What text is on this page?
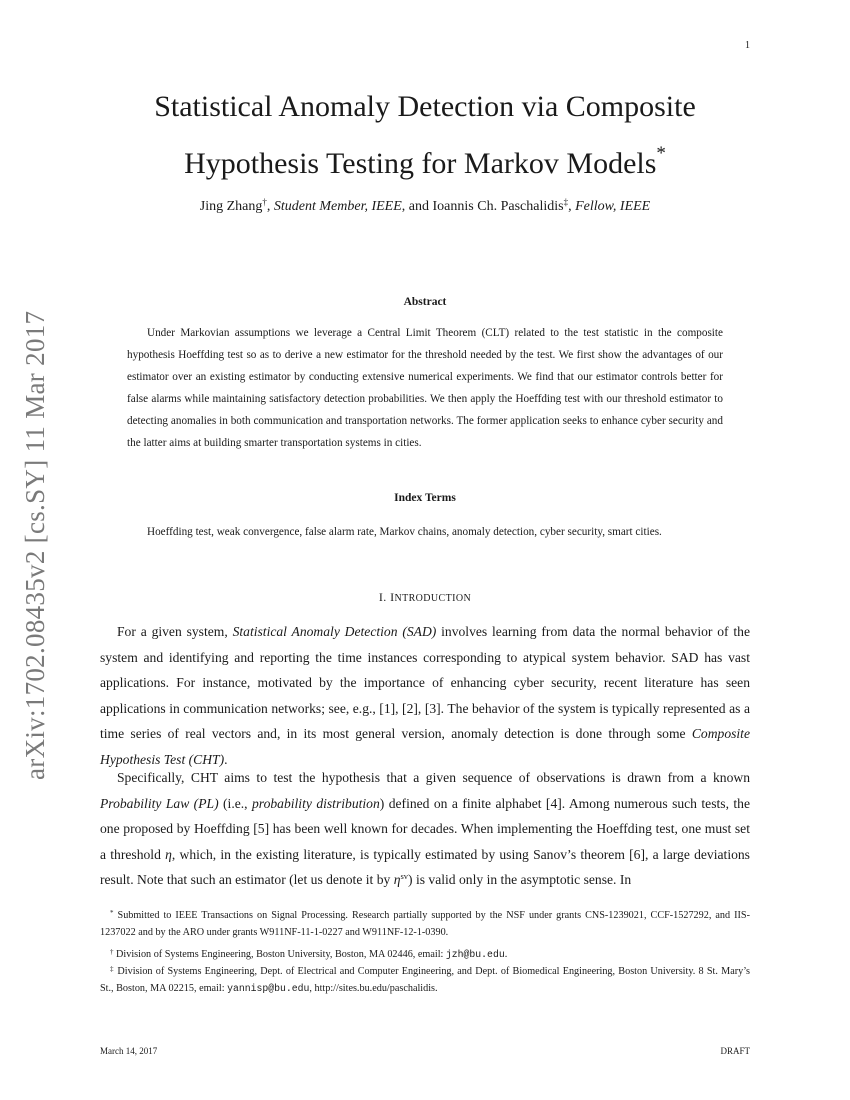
1
arXiv:1702.08435v2 [cs.SY] 11 Mar 2017
Statistical Anomaly Detection via Composite
Hypothesis Testing for Markov Models*
Jing Zhang†, Student Member, IEEE, and Ioannis Ch. Paschalidis‡, Fellow, IEEE
Abstract

Under Markovian assumptions we leverage a Central Limit Theorem (CLT) related to the test statistic in the composite hypothesis Hoeffding test so as to derive a new estimator for the threshold needed by the test. We first show the advantages of our estimator over an existing estimator by conducting extensive numerical experiments. We find that our estimator controls better for false alarms while maintaining satisfactory detection probabilities. We then apply the Hoeffding test with our threshold estimator to detecting anomalies in both communication and transportation networks. The former application seeks to enhance cyber security and the latter aims at building smarter transportation systems in cities.

Index Terms

Hoeffding test, weak convergence, false alarm rate, Markov chains, anomaly detection, cyber security, smart cities.

I. INTRODUCTION

For a given system, Statistical Anomaly Detection (SAD) involves learning from data the normal behavior of the system and identifying and reporting the time instances corresponding to atypical system behavior. SAD has vast applications. For instance, motivated by the importance of enhancing cyber security, recent literature has seen applications in communication networks; see, e.g., [1], [2], [3]. The behavior of the system is typically represented as a time series of real vectors and, in its most general version, anomaly detection is done through some Composite Hypothesis Test (CHT).

Specifically, CHT aims to test the hypothesis that a given sequence of observations is drawn from a known Probability Law (PL) (i.e., probability distribution) defined on a finite alphabet [4]. Among numerous such tests, the one proposed by Hoeffding [5] has been well known for decades. When implementing the Hoeffding test, one must set a threshold η, which, in the existing literature, is typically estimated by using Sanov’s theorem [6], a large deviations result. Note that such an estimator (let us denote it by $\eta^{sv}$) is valid only in the asymptotic sense. In

* Submitted to IEEE Transactions on Signal Processing. Research partially supported by the NSF under grants CNS-1239021, CCF-1527292, and IIS-1237022 and by the ARO under grants W911NF-11-1-0227 and W911NF-12-1-0390.

† Division of Systems Engineering, Boston University, Boston, MA 02446, email: jzh@bu.edu.

‡ Division of Systems Engineering, Dept. of Electrical and Computer Engineering, and Dept. of Biomedical Engineering, Boston University. 8 St. Mary’s St., Boston, MA 02215, email: yannisp@bu.edu, http://sites.bu.edu/paschalidis.

March 14, 2017	DRAFT
